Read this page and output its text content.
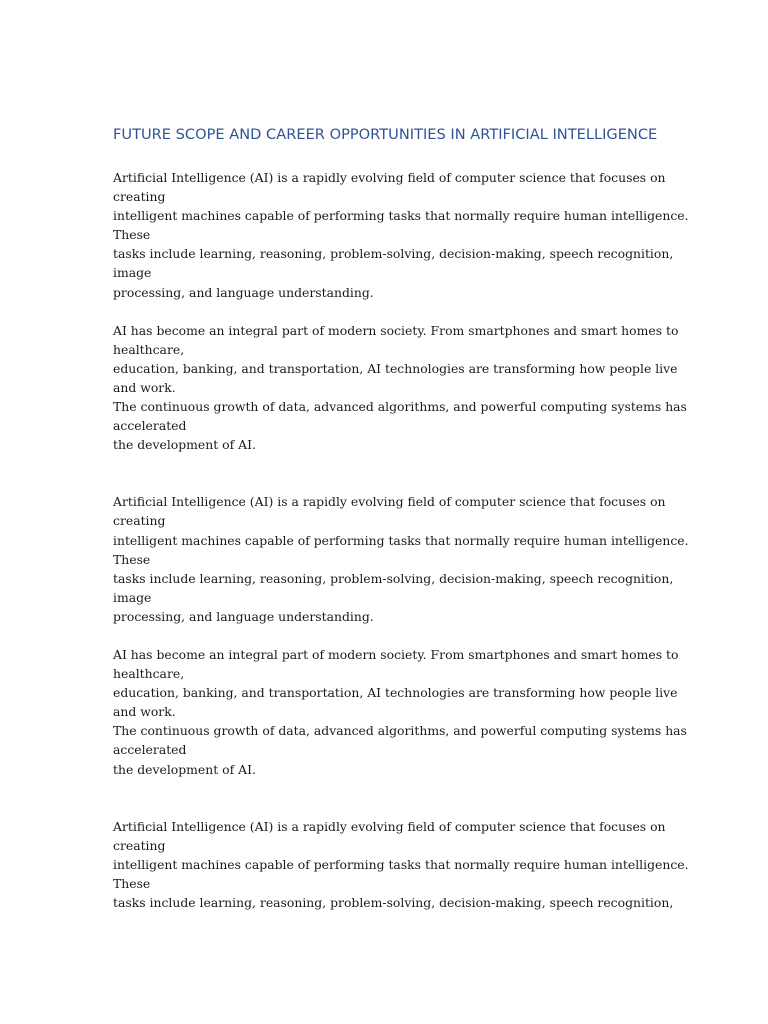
FUTURE SCOPE AND CAREER OPPORTUNITIES IN ARTIFICIAL INTELLIGENCE

Artificial Intelligence (AI) is a rapidly evolving field of computer science that focuses on
creating
intelligent machines capable of performing tasks that normally require human intelligence.
These
tasks include learning, reasoning, problem-solving, decision-making, speech recognition,
image
processing, and language understanding.

AI has become an integral part of modern society. From smartphones and smart homes to
healthcare,
education, banking, and transportation, AI technologies are transforming how people live
and work.
The continuous growth of data, advanced algorithms, and powerful computing systems has
accelerated
the development of AI.

Artificial Intelligence (AI) is a rapidly evolving field of computer science that focuses on
creating
intelligent machines capable of performing tasks that normally require human intelligence.
These
tasks include learning, reasoning, problem-solving, decision-making, speech recognition,
image
processing, and language understanding.

AI has become an integral part of modern society. From smartphones and smart homes to
healthcare,
education, banking, and transportation, AI technologies are transforming how people live
and work.
The continuous growth of data, advanced algorithms, and powerful computing systems has
accelerated
the development of AI.

Artificial Intelligence (AI) is a rapidly evolving field of computer science that focuses on
creating
intelligent machines capable of performing tasks that normally require human intelligence.
These
tasks include learning, reasoning, problem-solving, decision-making, speech recognition,
